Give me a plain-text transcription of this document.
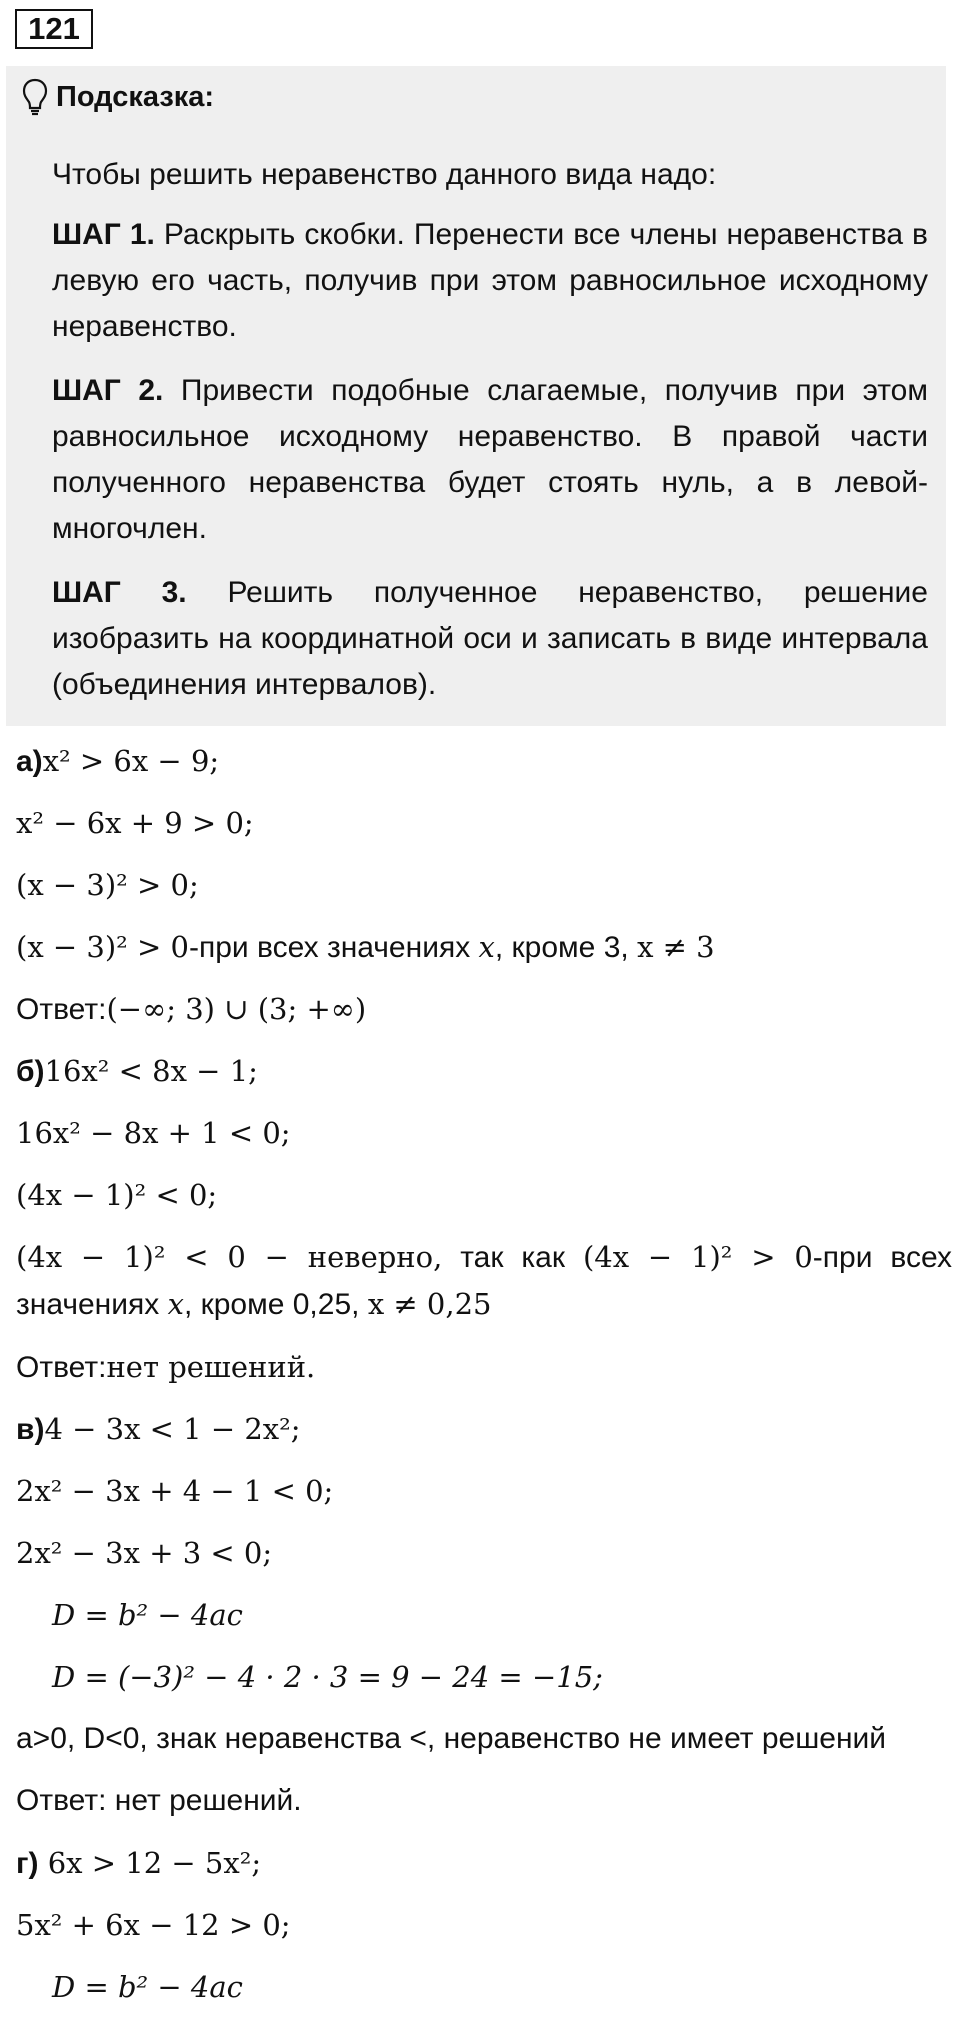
121
Подсказка:

Чтобы решить неравенство данного вида надо:

ШАГ 1. Раскрыть скобки. Перенести все члены неравенства в левую его часть, получив при этом равносильное исходному неравенство.

ШАГ 2. Привести подобные слагаемые, получив при этом равносильное исходному неравенство. В правой части полученного неравенства будет стоять нуль, а в левой- многочлен.

ШАГ 3. Решить полученное неравенство, решение изобразить на координатной оси и записать в виде интервала (объединения интервалов).

а)x² > 6x − 9;
x² − 6x + 9 > 0;
(x − 3)² > 0;
(x − 3)² > 0-при всех значениях x, кроме 3, x ≠ 3
Ответ:(−∞; 3) ∪ (3; +∞)
б)16x² < 8x − 1;
16x² − 8x + 1 < 0;
(4x − 1)² < 0;
(4x − 1)² < 0 − неверно, так как (4x − 1)² > 0-при всех значениях x, кроме 0,25, x ≠ 0,25
Ответ:нет решений.
в)4 − 3x < 1 − 2x²;
2x² − 3x + 4 − 1 < 0;
2x² − 3x + 3 < 0;
D = b² − 4ac
D = (−3)² − 4 · 2 · 3 = 9 − 24 = −15;
a>0, D<0, знак неравенства <, неравенство не имеет решений
Ответ: нет решений.
г) 6x > 12 − 5x²;
5x² + 6x − 12 > 0;
D = b² − 4ac
